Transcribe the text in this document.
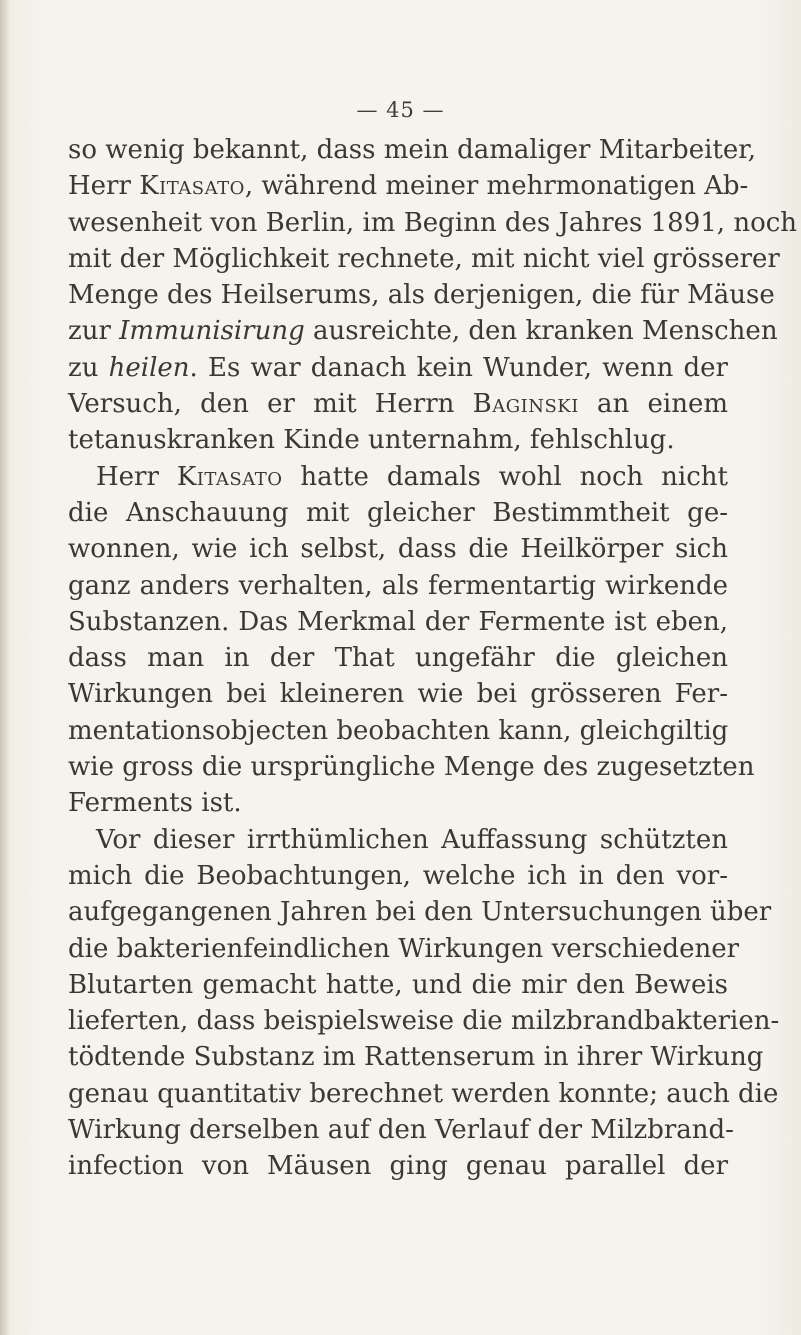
— 45 —
so wenig bekannt, dass mein damaliger Mitarbeiter,
Herr Kitasato, während meiner mehrmonatigen Ab-
wesenheit von Berlin, im Beginn des Jahres 1891, noch
mit der Möglichkeit rechnete, mit nicht viel grösserer
Menge des Heilserums, als derjenigen, die für Mäuse
zur Immunisirung ausreichte, den kranken Menschen
zu heilen. Es war danach kein Wunder, wenn der
Versuch, den er mit Herrn Baginski an einem
tetanuskranken Kinde unternahm, fehlschlug.
Herr Kitasato hatte damals wohl noch nicht
die Anschauung mit gleicher Bestimmtheit ge-
wonnen, wie ich selbst, dass die Heilkörper sich
ganz anders verhalten, als fermentartig wirkende
Substanzen. Das Merkmal der Fermente ist eben,
dass man in der That ungefähr die gleichen
Wirkungen bei kleineren wie bei grösseren Fer-
mentationsobjecten beobachten kann, gleichgiltig
wie gross die ursprüngliche Menge des zugesetzten
Ferments ist.
Vor dieser irrthümlichen Auffassung schützten
mich die Beobachtungen, welche ich in den vor-
aufgegangenen Jahren bei den Untersuchungen über
die bakterienfeindlichen Wirkungen verschiedener
Blutarten gemacht hatte, und die mir den Beweis
lieferten, dass beispielsweise die milzbrandbakterien-
tödtende Substanz im Rattenserum in ihrer Wirkung
genau quantitativ berechnet werden konnte; auch die
Wirkung derselben auf den Verlauf der Milzbrand-
infection von Mäusen ging genau parallel der
